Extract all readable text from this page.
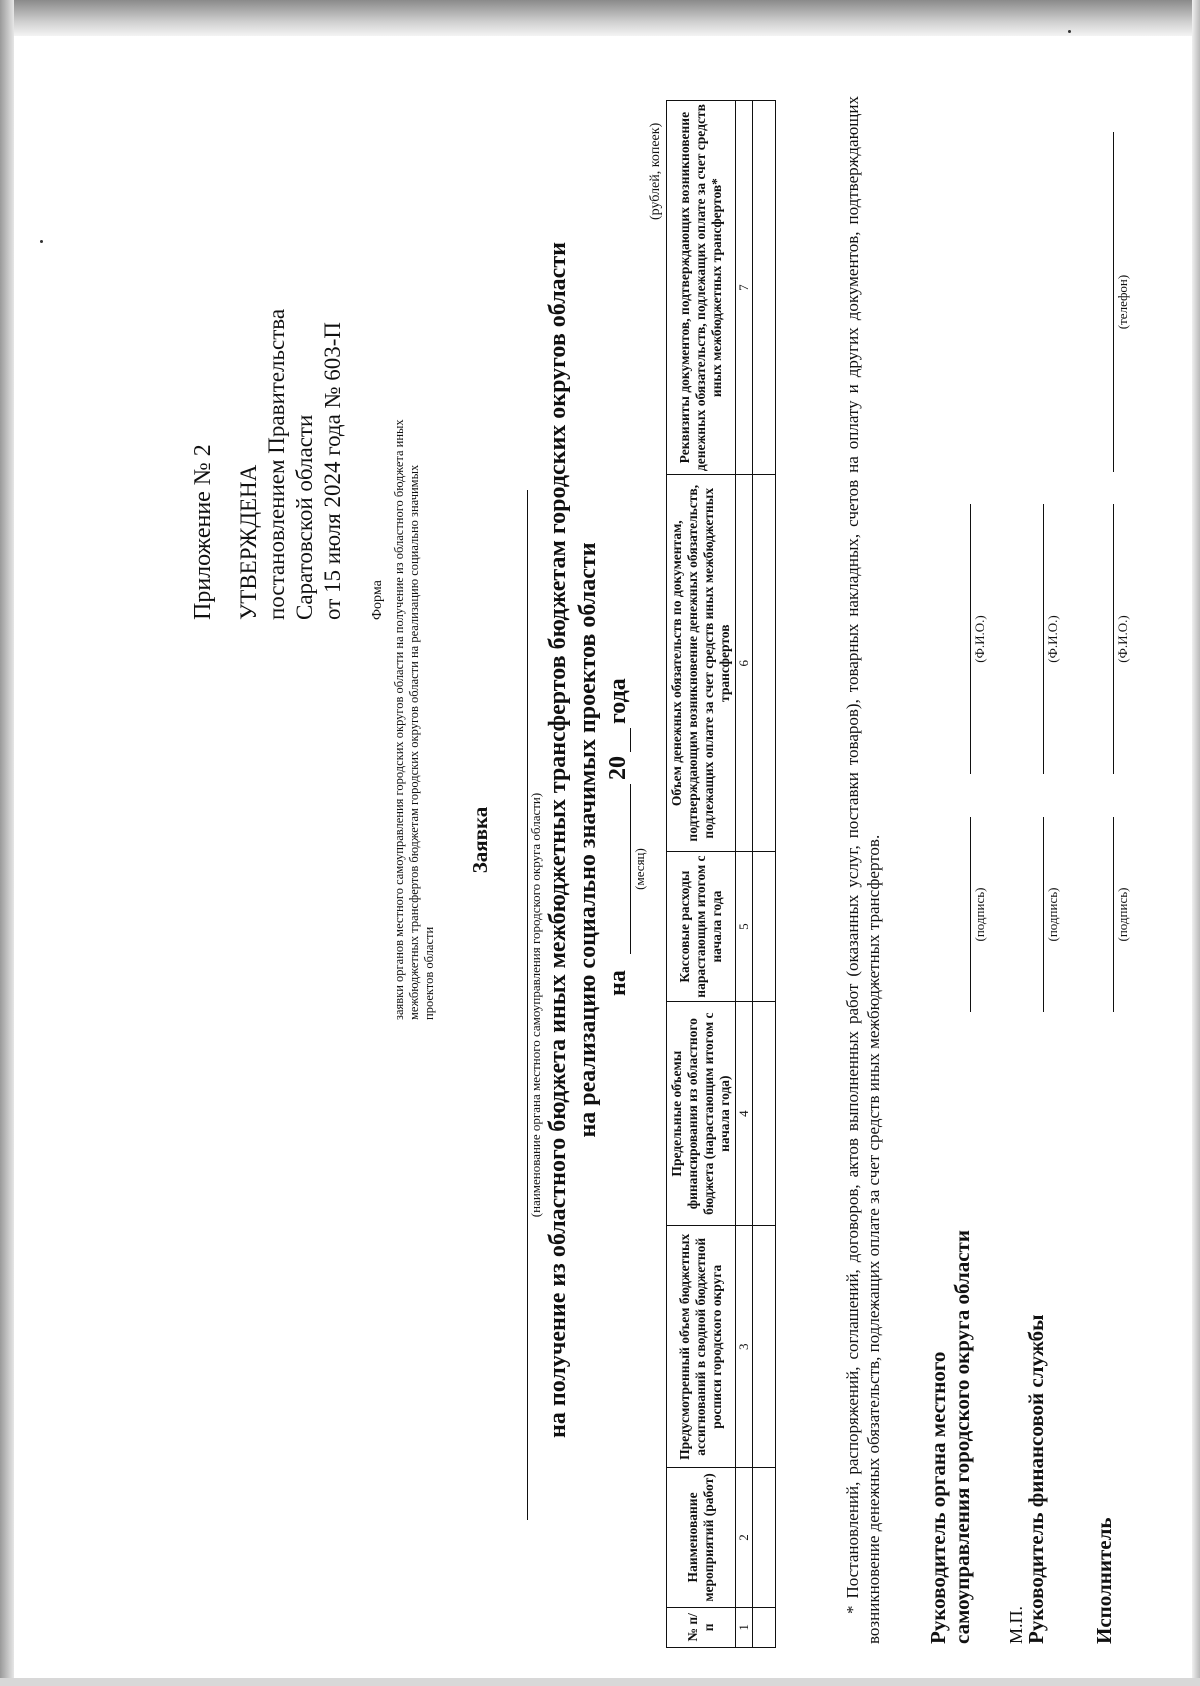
Приложение № 2 УТВЕРЖДЕНА постановлением Правительства Саратовской области от 15 июля 2024 года № 603-П Форма заявки органов местного самоуправления городских округов области на получение из областного бюджета иных межбюджетных трансфертов бюджетам городских округов области на реализацию социально значимых проектов области
Заявка	(наименование органа местного самоуправления городского округа области) на получение из областного бюджета иных межбюджетных трансфертов бюджетам городских округов области на реализацию социально значимых проектов области на
20
года
(месяц)
(рублей, копеек)
№ п/п	Наименование мероприятий (работ)	Предусмотренный объем бюджетных ассигнований в сводной бюджетной росписи городского округа	Предельные объемы финансирования из областного бюджета (нарастающим итогом с начала года)	Кассовые расходы нарастающим итогом с начала года	Объем денежных обязательств по документам, подтверждающим возникновение денежных обязательств, подлежащих оплате за счет средств иных межбюджетных трансфертов	Реквизиты документов, подтверждающих возникновение денежных обязательств, подлежащих оплате за счет средств иных межбюджетных трансфертов*
1	2	3	4	5	6	7
							* Постановлений, распоряжений, соглашений, договоров, актов выполненных работ (оказанных услуг, поставки товаров), товарных накладных, счетов на оплату и других документов, подтверждающих возникновение денежных обязательств, подлежащих оплате за счет средств иных межбюджетных трансфертов. Руководитель органа местного самоуправления городского округа области
(подпись)
(Ф.И.О.)
М.П.
Руководитель финансовой службы
(подпись)
(Ф.И.О.)
Исполнитель
(подпись)
(Ф.И.О.)
(телефон)
